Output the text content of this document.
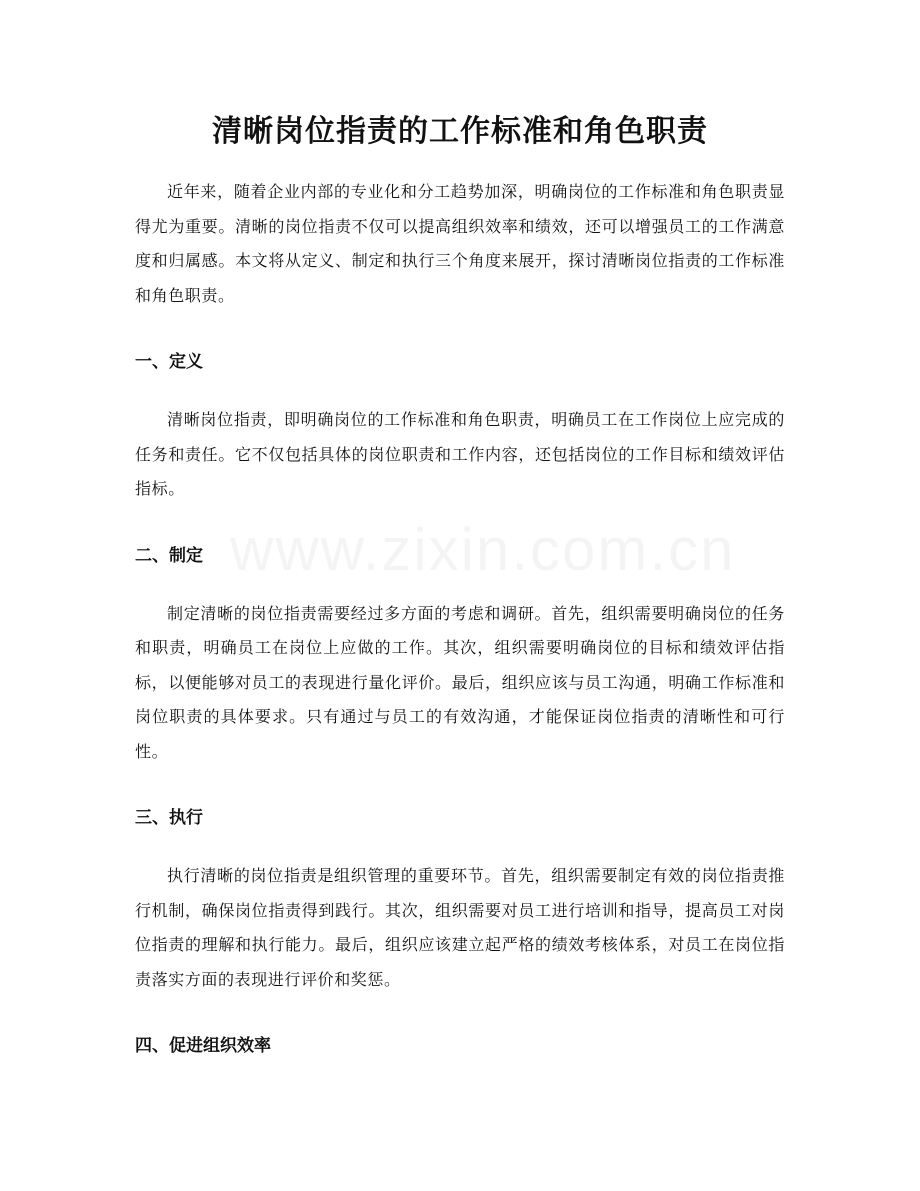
清晰岗位指责的工作标准和角色职责

近年来，随着企业内部的专业化和分工趋势加深，明确岗位的工作标准和角色职责显得尤为重要。清晰的岗位指责不仅可以提高组织效率和绩效，还可以增强员工的工作满意度和归属感。本文将从定义、制定和执行三个角度来展开，探讨清晰岗位指责的工作标准和角色职责。

一、定义

清晰岗位指责，即明确岗位的工作标准和角色职责，明确员工在工作岗位上应完成的任务和责任。它不仅包括具体的岗位职责和工作内容，还包括岗位的工作目标和绩效评估指标。

二、制定

制定清晰的岗位指责需要经过多方面的考虑和调研。首先，组织需要明确岗位的任务和职责，明确员工在岗位上应做的工作。其次，组织需要明确岗位的目标和绩效评估指标，以便能够对员工的表现进行量化评价。最后，组织应该与员工沟通，明确工作标准和岗位职责的具体要求。只有通过与员工的有效沟通，才能保证岗位指责的清晰性和可行性。

三、执行

执行清晰的岗位指责是组织管理的重要环节。首先，组织需要制定有效的岗位指责推行机制，确保岗位指责得到践行。其次，组织需要对员工进行培训和指导，提高员工对岗位指责的理解和执行能力。最后，组织应该建立起严格的绩效考核体系，对员工在岗位指责落实方面的表现进行评价和奖惩。

四、促进组织效率
